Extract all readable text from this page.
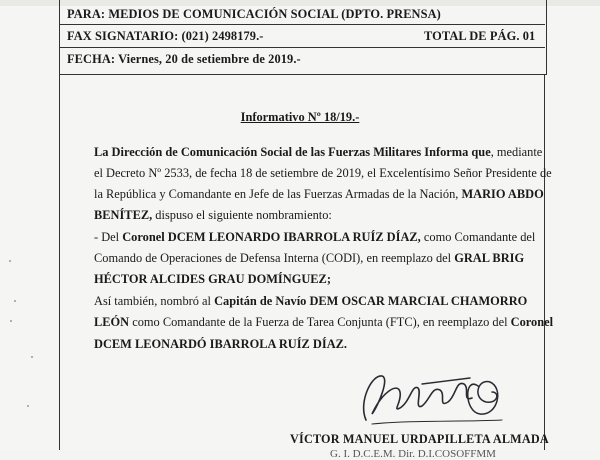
PARA: MEDIOS DE COMUNICACIÓN SOCIAL (DPTO. PRENSA)
FAX SIGNATARIO: (021) 2498179.-	TOTAL DE PÁG. 01
FECHA: Viernes, 20 de setiembre de 2019.-
Informativo Nº 18/19.-
La Dirección de Comunicación Social de las Fuerzas Militares Informa que, mediante
el Decreto Nº 2533, de fecha 18 de setiembre de 2019, el Excelentísimo Señor Presidente de
la República y Comandante en Jefe de las Fuerzas Armadas de la Nación, MARIO ABDO
BENÍTEZ, dispuso el siguiente nombramiento:
- Del Coronel DCEM LEONARDO IBARROLA RUÍZ DÍAZ, como Comandante del
Comando de Operaciones de Defensa Interna (CODI), en reemplazo del GRAL BRIG
HÉCTOR ALCIDES GRAU DOMÍNGUEZ;
Así también, nombró al Capitán de Navío DEM OSCAR MARCIAL CHAMORRO
LEÓN como Comandante de la Fuerza de Tarea Conjunta (FTC), en reemplazo del Coronel
DCEM LEONARDÓ IBARROLA RUÍZ DÍAZ.
VÍCTOR MANUEL URDAPILLETA ALMADA
G. I. D.C.E.M. Dir. D.I.COSOFFMM
